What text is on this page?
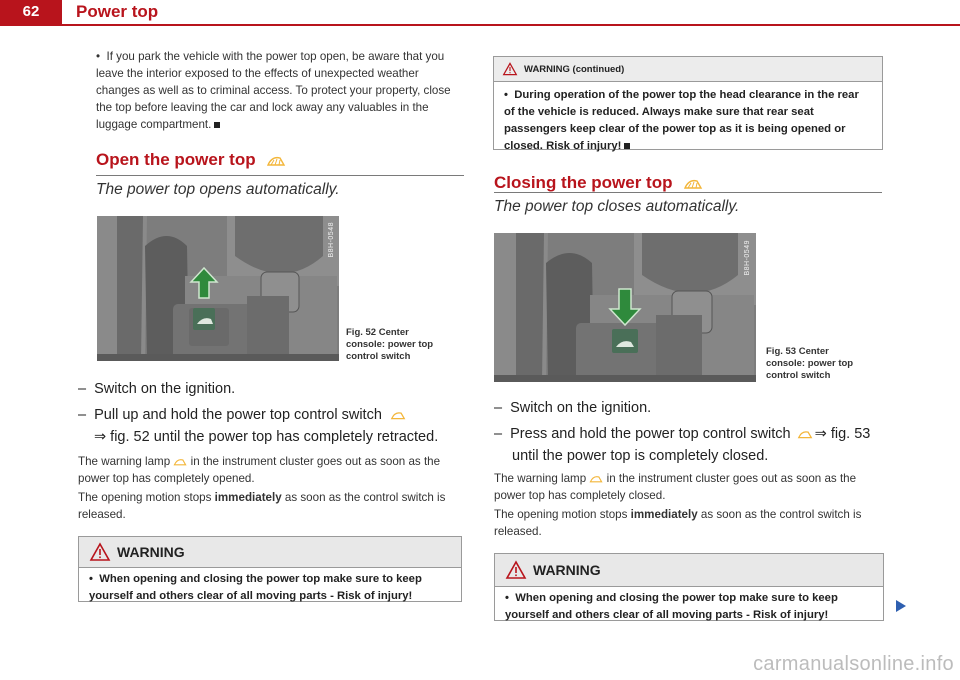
62	Power top

•  If you park the vehicle with the power top open, be aware that you leave the interior exposed to the effects of unexpected weather changes as well as to criminal access. To protect your property, close the top before leaving the car and lock away any valuables in the luggage compartment.

Open the power top
The power top opens automatically.
B8H-0548
Fig. 52 Center
console: power top
control switch
–  Switch on the ignition.
–  Pull up and hold the power top control switch
⇒ fig. 52 until the power top has completely retracted.

The warning lamp in the instrument cluster goes out as soon as the power top has completely opened.

The opening motion stops immediately as soon as the control switch is released.

WARNING
•  When opening and closing the power top make sure to keep yourself and others clear of all moving parts - Risk of injury!
WARNING (continued)
•  During operation of the power top the head clearance in the rear of the vehicle is reduced. Always make sure that rear seat passengers keep clear of the power top as it is being opened or closed. Risk of injury!
Closing the power top
The power top closes automatically.
B8H-0549
Fig. 53 Center
console: power top
control switch
–  Switch on the ignition.
–  Press and hold the power top control switch ⇒ fig. 53
until the power top is completely closed.

The warning lamp in the instrument cluster goes out as soon as the power top has completely closed.

The opening motion stops immediately as soon as the control switch is released.

WARNING
•  When opening and closing the power top make sure to keep yourself and others clear of all moving parts - Risk of injury!
carmanualsonline.info
